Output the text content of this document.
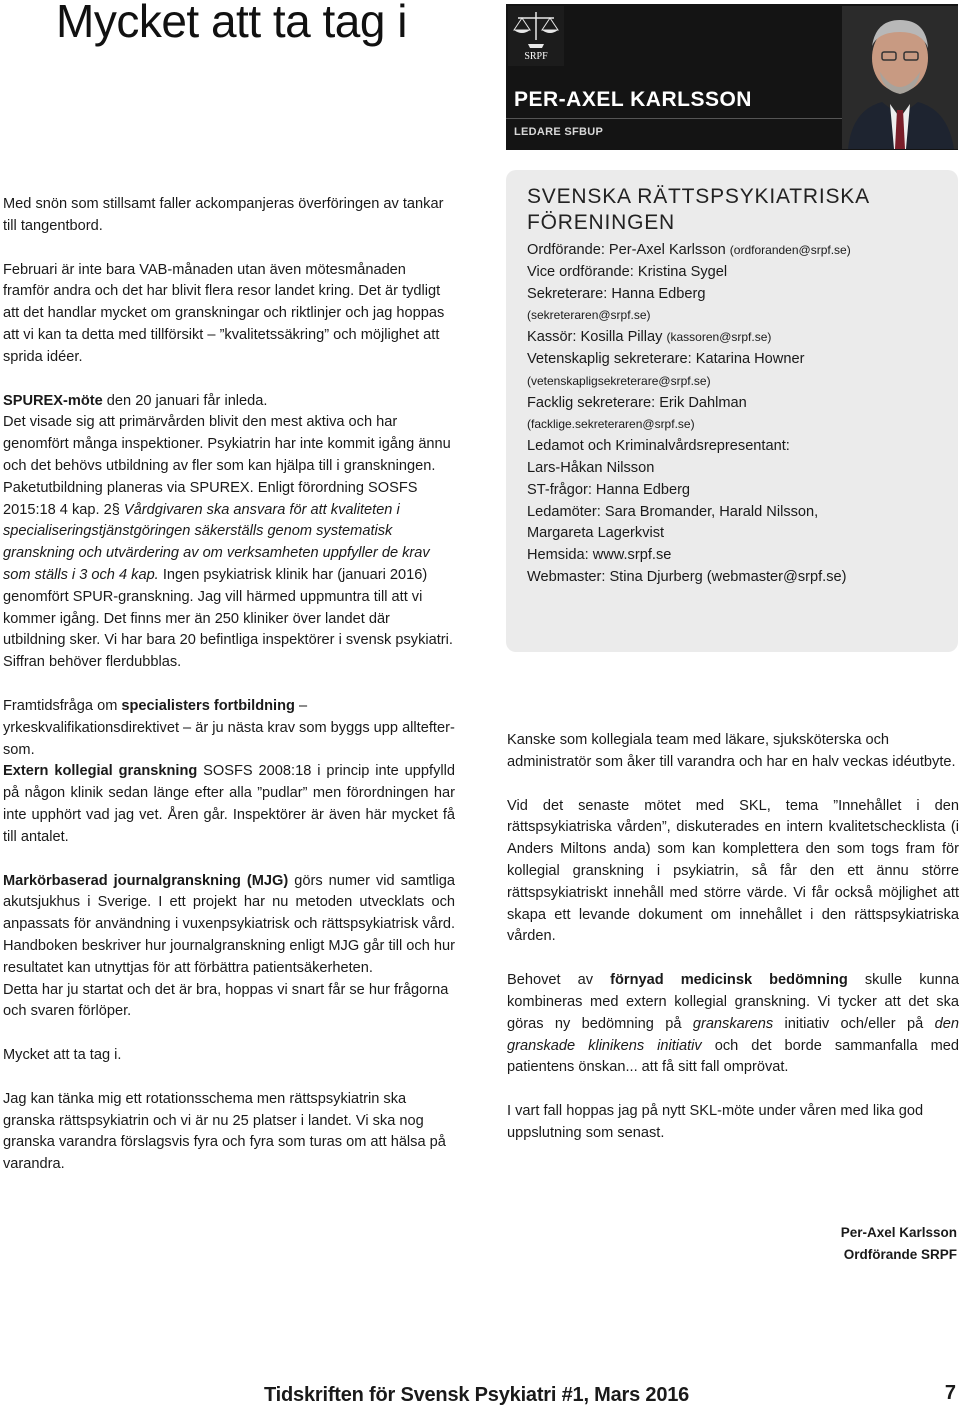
Mycket att ta tag i
SRPF
PER-AXEL KARLSSON
LEDARE SFBUP

Med snön som stillsamt faller ackompanjeras överföringen av tankar till tangentbord.

Februari är inte bara VAB-månaden utan även mötesmånaden framför andra och det har blivit flera resor landet kring. Det är tydligt att det handlar mycket om granskningar och riktlinjer och jag hoppas att vi kan ta detta med tillförsikt – ”kvalitetssäkring” och möjlighet att sprida idéer.

SPUREX-möte den 20 januari får inleda.

Det visade sig att primärvården blivit den mest aktiva och har genomfört många inspektioner. Psykiatrin har inte kommit igång ännu och det behövs utbildning av fler som kan hjälpa till i granskningen. Paketutbildning planeras via SPUREX. Enligt förordning SOSFS 2015:18 4 kap. 2§ Vårdgivaren ska ansvara för att kvaliteten i specialiseringstjänstgöringen säkerställs genom systematisk granskning och utvärdering av om verksamheten uppfyller de krav som ställs i 3 och 4 kap. Ingen psykiatrisk klinik har (januari 2016) genomfört SPUR-granskning. Jag vill härmed uppmuntra till att vi kommer igång. Det finns mer än 250 kliniker över landet där utbildning sker. Vi har bara 20 befintliga inspektörer i svensk psykiatri. Siffran behöver flerdubblas.

Framtidsfråga om specialisters fortbildning – yrkeskvalifikationsdirektivet – är ju nästa krav som byggs upp allteftersom.

Extern kollegial granskning SOSFS 2008:18 i princip inte uppfylld på någon klinik sedan länge efter alla ”pudlar” men förordningen har inte upphört vad jag vet. Åren går. Inspektörer är även här mycket få till antalet.

Markörbaserad journalgranskning (MJG) görs numer vid samtliga akutsjukhus i Sverige. I ett projekt har nu metoden utvecklats och anpassats för användning i vuxenpsykiatrisk och rättspsykiatrisk vård. Handboken beskriver hur journalgranskning enligt MJG går till och hur resultatet kan utnyttjas för att förbättra patientsäkerheten.

Detta har ju startat och det är bra, hoppas vi snart får se hur frågorna och svaren förlöper.

Mycket att ta tag i.

Jag kan tänka mig ett rotationsschema men rättspsykiatrin ska granska rättspsykiatrin och vi är nu 25 platser i landet. Vi ska nog granska varandra förslagsvis fyra och fyra som turas om att hälsa på varandra.

SVENSKA RÄTTSPSYKIATRISKA
FÖRENINGEN
Ordförande: Per-Axel Karlsson (ordforanden@srpf.se)
Vice ordförande: Kristina Sygel
Sekreterare: Hanna Edberg
(sekreteraren@srpf.se)
Kassör: Kosilla Pillay (kassoren@srpf.se)
Vetenskaplig sekreterare: Katarina Howner
(vetenskapligsekreterare@srpf.se)
Facklig sekreterare: Erik Dahlman
(facklige.sekreteraren@srpf.se)
Ledamot och Kriminalvårdsrepresentant:
Lars-Håkan Nilsson
ST-frågor: Hanna Edberg
Ledamöter: Sara Bromander, Harald Nilsson,
Margareta Lagerkvist
Hemsida: www.srpf.se
Webmaster: Stina Djurberg (webmaster@srpf.se)

Kanske som kollegiala team med läkare, sjuksköterska och administratör som åker till varandra och har en halv veckas idéutbyte.

Vid det senaste mötet med SKL, tema ”Innehållet i den rättspsykiatriska vården”, diskuterades en intern kvalitetschecklista (i Anders Miltons anda) som kan komplettera den som togs fram för kollegial granskning i psykiatrin, så får den ett ännu större rättspsykiatriskt innehåll med större värde. Vi får också möjlighet att skapa ett levande dokument om innehållet i den rättspsykiatriska vården.

Behovet av förnyad medicinsk bedömning skulle kunna kombineras med extern kollegial granskning. Vi tycker att det ska göras ny bedömning på granskarens initiativ och/eller på den granskade klinikens initiativ och det borde sammanfalla med patientens önskan... att få sitt fall omprövat.

I vart fall hoppas jag på nytt SKL-möte under våren med lika god uppslutning som senast.

Per-Axel Karlsson
Ordförande SRPF
Tidskriften för Svensk Psykiatri #1, Mars 2016	7
